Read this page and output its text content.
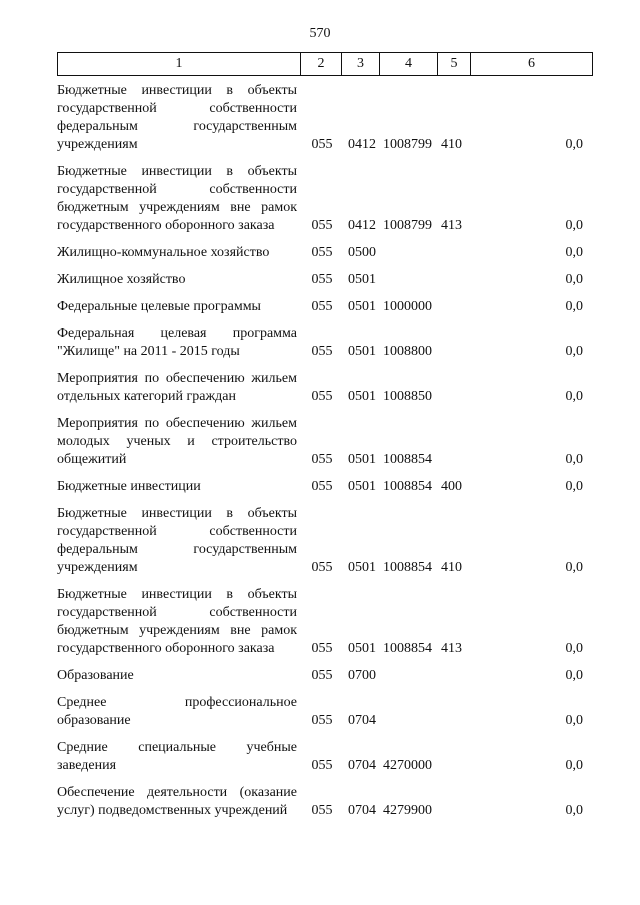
570
1	2	3	4	5	6
Бюджетные инвестиции в объекты государственной собственности федеральным государственным учреждениям	055	0412 1008799 410	0,0
Бюджетные инвестиции в объекты государственной собственности бюджетным учреждениям вне рамок государственного оборонного заказа	055	0412 1008799 413	0,0
Жилищно-коммунальное хозяйство	055	0500	0,0
Жилищное хозяйство	055	0501	0,0
Федеральные целевые программы	055	0501 1000000	0,0
Федеральная целевая программа "Жилище" на 2011 - 2015 годы	055	0501 1008800	0,0
Мероприятия по обеспечению жильем отдельных категорий граждан	055	0501 1008850	0,0
Мероприятия по обеспечению жильем молодых ученых и строительство общежитий	055	0501 1008854	0,0
Бюджетные инвестиции	055	0501 1008854 400	0,0
Бюджетные инвестиции в объекты государственной собственности федеральным государственным учреждениям	055	0501 1008854 410	0,0
Бюджетные инвестиции в объекты государственной собственности бюджетным учреждениям вне рамок государственного оборонного заказа	055	0501 1008854 413	0,0
Образование	055	0700	0,0
Среднее профессиональное образование	055	0704	0,0
Средние специальные учебные заведения	055	0704 4270000	0,0
Обеспечение деятельности (оказание услуг) подведомственных учреждений	055	0704 4279900	0,0
